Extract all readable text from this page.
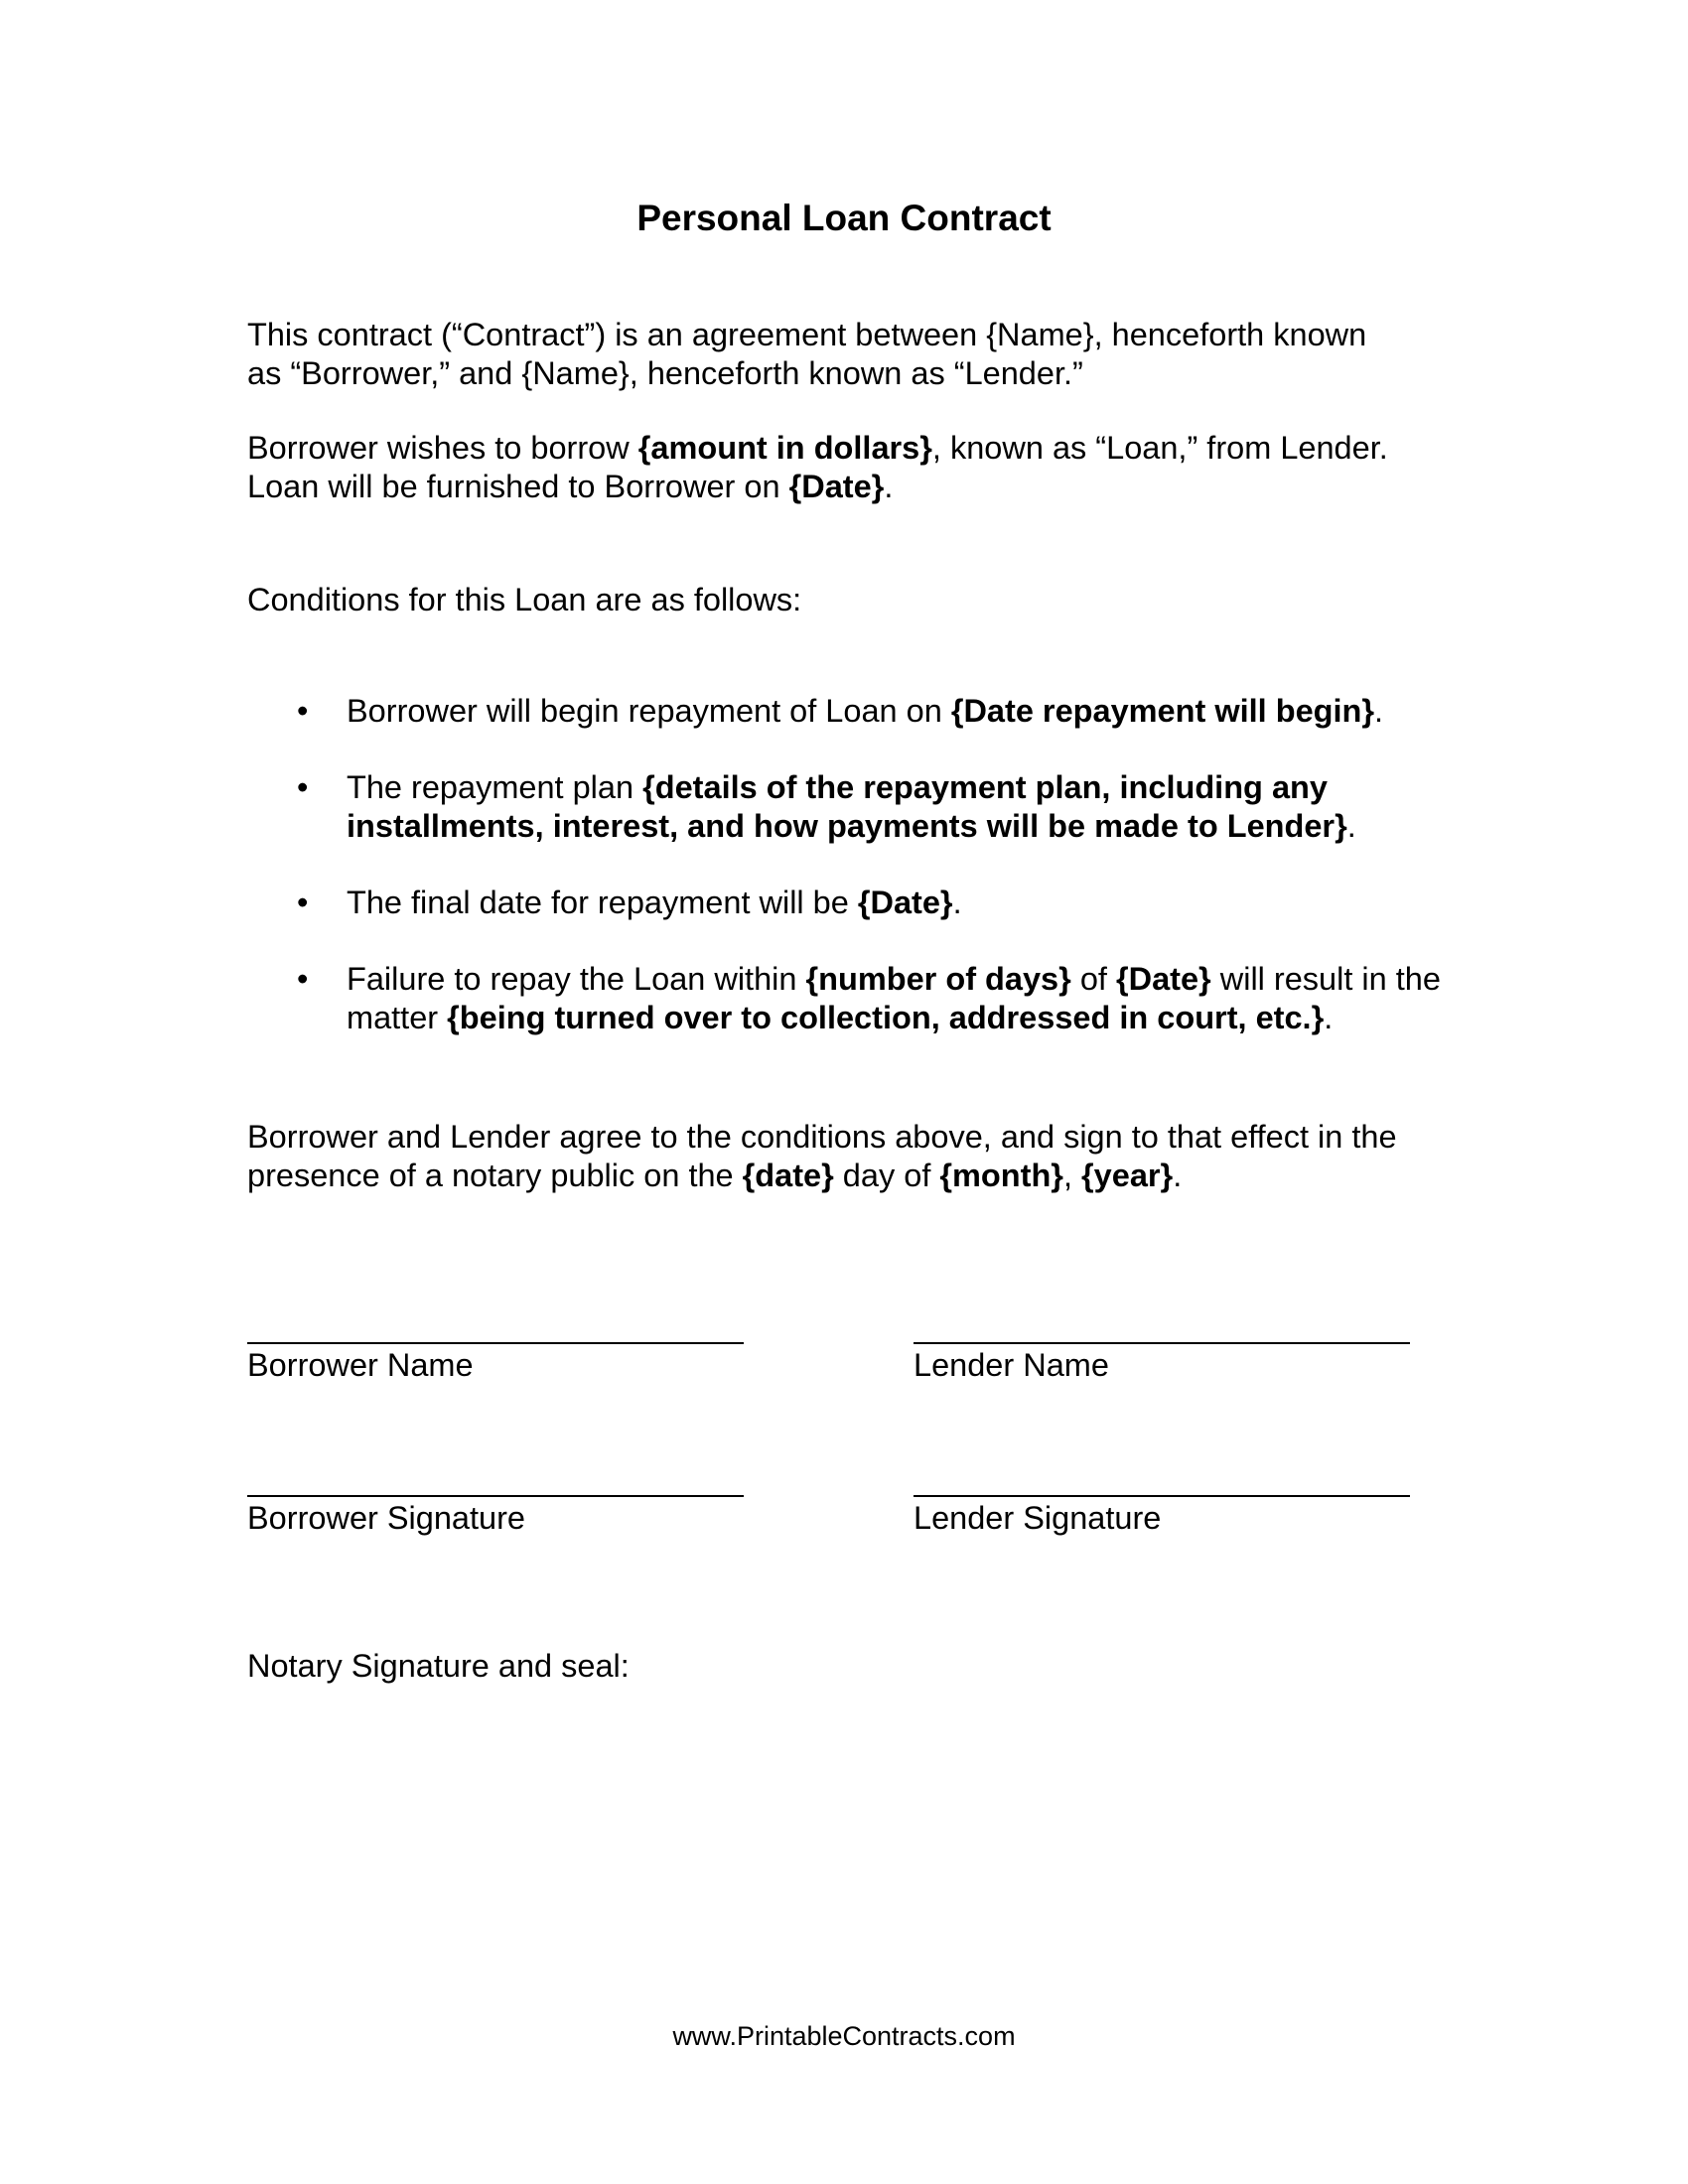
Personal Loan Contract
This contract (“Contract”) is an agreement between {Name}, henceforth known
as “Borrower,” and {Name}, henceforth known as “Lender.”
Borrower wishes to borrow {amount in dollars}, known as “Loan,” from Lender.
Loan will be furnished to Borrower on {Date}.
Conditions for this Loan are as follows:
• Borrower will begin repayment of Loan on {Date repayment will begin}.
• The repayment plan {details of the repayment plan, including any installments, interest, and how payments will be made to Lender}.
• The final date for repayment will be {Date}.
• Failure to repay the Loan within {number of days} of {Date} will result in the matter {being turned over to collection, addressed in court, etc.}.
Borrower and Lender agree to the conditions above, and sign to that effect in the
presence of a notary public on the {date} day of {month}, {year}.
Borrower Name	Lender Name
Borrower Signature	Lender Signature
Notary Signature and seal:
www.PrintableContracts.com
